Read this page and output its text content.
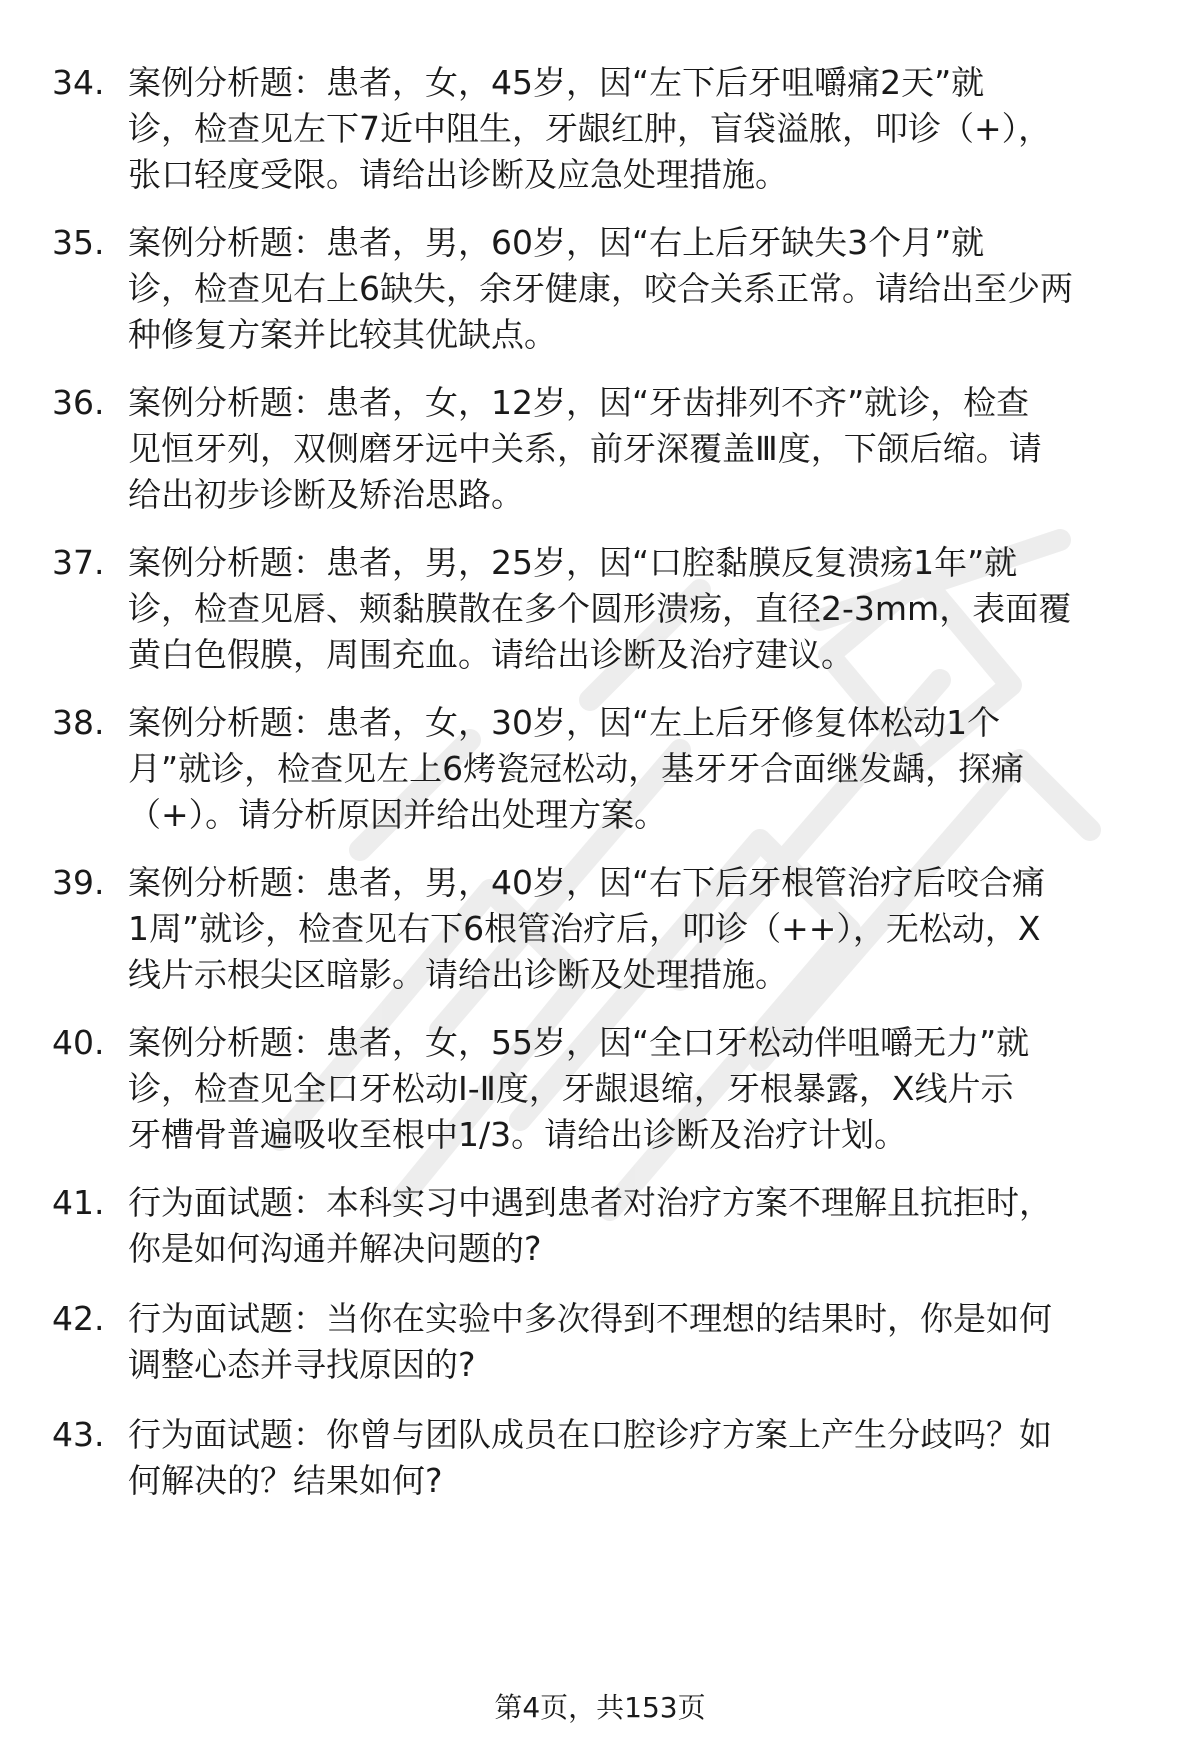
34. 案例分析题：患者，女，45岁，因“左下后牙咀嚼痛2天”就
诊，检查见左下7近中阻生，牙龈红肿，盲袋溢脓，叩诊（+），
张口轻度受限。请给出诊断及应急处理措施。
35. 案例分析题：患者，男，60岁，因“右上后牙缺失3个月”就
诊，检查见右上6缺失，余牙健康，咬合关系正常。请给出至少两
种修复方案并比较其优缺点。
36. 案例分析题：患者，女，12岁，因“牙齿排列不齐”就诊，检查
见恒牙列，双侧磨牙远中关系，前牙深覆盖Ⅲ度，下颌后缩。请
给出初步诊断及矫治思路。
37. 案例分析题：患者，男，25岁，因“口腔黏膜反复溃疡1年”就
诊，检查见唇、颊黏膜散在多个圆形溃疡，直径2-3mm，表面覆
黄白色假膜，周围充血。请给出诊断及治疗建议。
38. 案例分析题：患者，女，30岁，因“左上后牙修复体松动1个
月”就诊，检查见左上6烤瓷冠松动，基牙牙合面继发龋，探痛
（+）。请分析原因并给出处理方案。
39. 案例分析题：患者，男，40岁，因“右下后牙根管治疗后咬合痛
1周”就诊，检查见右下6根管治疗后，叩诊（++），无松动，X
线片示根尖区暗影。请给出诊断及处理措施。
40. 案例分析题：患者，女，55岁，因“全口牙松动伴咀嚼无力”就
诊，检查见全口牙松动Ⅰ-Ⅱ度，牙龈退缩，牙根暴露，X线片示
牙槽骨普遍吸收至根中1/3。请给出诊断及治疗计划。
41. 行为面试题：本科实习中遇到患者对治疗方案不理解且抗拒时，
你是如何沟通并解决问题的?
42. 行为面试题：当你在实验中多次得到不理想的结果时，你是如何
调整心态并寻找原因的?
43. 行为面试题：你曾与团队成员在口腔诊疗方案上产生分歧吗？如
何解决的？结果如何?
第4页，共153页
